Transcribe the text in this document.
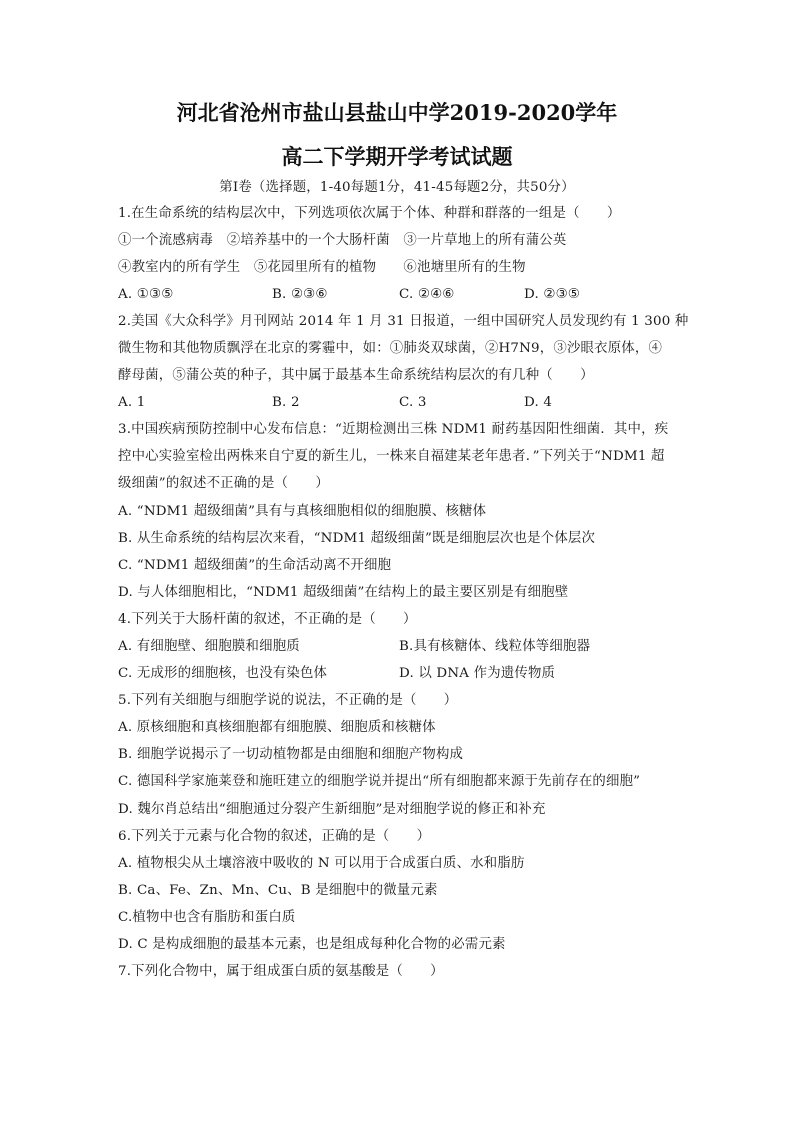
河北省沧州市盐山县盐山中学2019-2020学年
高二下学期开学考试试题
第Ⅰ卷（选择题，1-40每题1分，41-45每题2分，共50分）
1.在生命系统的结构层次中，下列选项依次属于个体、种群和群落的一组是（　　）
①一个流感病毒　②培养基中的一个大肠杆菌　③一片草地上的所有蒲公英
④教室内的所有学生　⑤花园里所有的植物　　⑥池塘里所有的生物
A. ①③⑤	B. ②③⑥	C. ②④⑥	D. ②③⑤
2.美国《大众科学》月刊网站 2014 年 1 月 31 日报道，一组中国研究人员发现约有 1 300 种
微生物和其他物质飘浮在北京的雾霾中，如：①肺炎双球菌，②H7N9，③沙眼衣原体，④
酵母菌，⑤蒲公英的种子，其中属于最基本生命系统结构层次的有几种（　　）
A. 1	B. 2	C. 3	D. 4
3.中国疾病预防控制中心发布信息：“近期检测出三株 NDM1 耐药基因阳性细菌．其中，疾
控中心实验室检出两株来自宁夏的新生儿，一株来自福建某老年患者．”下列关于“NDM1 超
级细菌”的叙述不正确的是（　　）
A. “NDM1 超级细菌”具有与真核细胞相似的细胞膜、核糖体
B. 从生命系统的结构层次来看，“NDM1 超级细菌”既是细胞层次也是个体层次
C. “NDM1 超级细菌”的生命活动离不开细胞
D. 与人体细胞相比，“NDM1 超级细菌”在结构上的最主要区别是有细胞壁
4.下列关于大肠杆菌的叙述，不正确的是（　　）
A. 有细胞壁、细胞膜和细胞质	B.具有核糖体、线粒体等细胞器
C. 无成形的细胞核，也没有染色体	D. 以 DNA 作为遗传物质
5.下列有关细胞与细胞学说的说法，不正确的是（　　）
A. 原核细胞和真核细胞都有细胞膜、细胞质和核糖体
B. 细胞学说揭示了一切动植物都是由细胞和细胞产物构成
C. 德国科学家施莱登和施旺建立的细胞学说并提出“所有细胞都来源于先前存在的细胞”
D. 魏尔肖总结出“细胞通过分裂产生新细胞”是对细胞学说的修正和补充
6.下列关于元素与化合物的叙述，正确的是（　　）
A. 植物根尖从土壤溶液中吸收的 N 可以用于合成蛋白质、水和脂肪
B. Ca、Fe、Zn、Mn、Cu、B 是细胞中的微量元素
C.植物中也含有脂肪和蛋白质
D. C 是构成细胞的最基本元素，也是组成每种化合物的必需元素
7.下列化合物中，属于组成蛋白质的氨基酸是（　　）
